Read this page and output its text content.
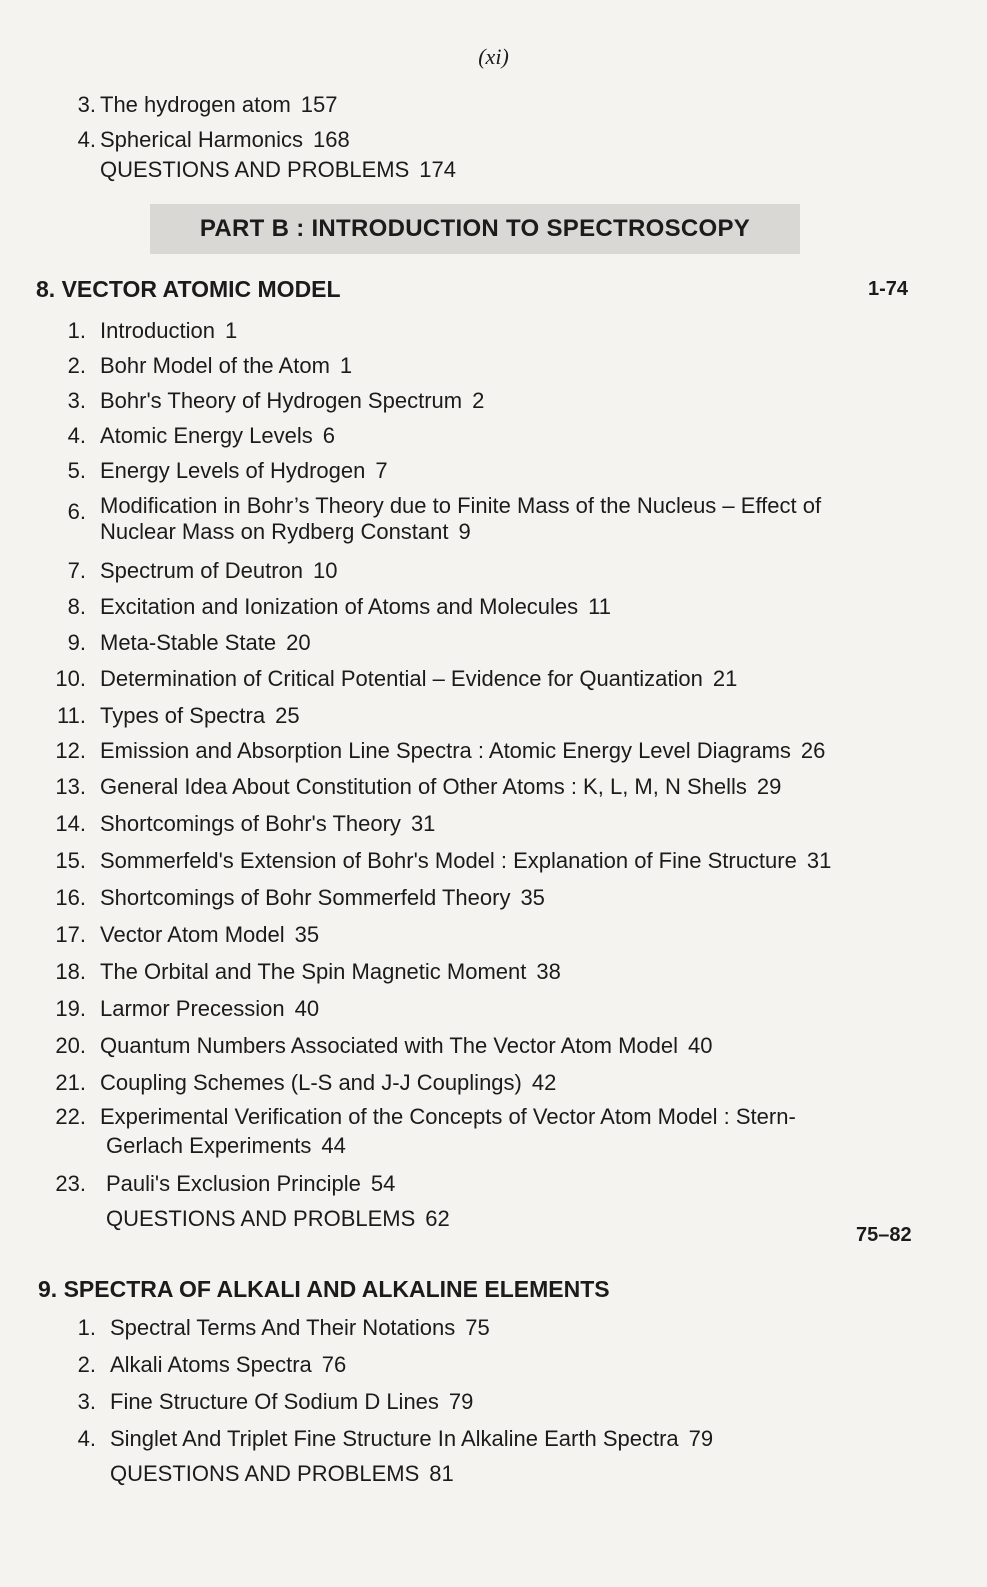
(xi)
3. The hydrogen atom 157
4. Spherical Harmonics 168
QUESTIONS AND PROBLEMS 174
PART B : INTRODUCTION TO SPECTROSCOPY
8. VECTOR ATOMIC MODEL	1-74
1. Introduction 1
2. Bohr Model of the Atom 1
3. Bohr's Theory of Hydrogen Spectrum 2
4. Atomic Energy Levels 6
5. Energy Levels of Hydrogen 7
6. Modification in Bohr’s Theory due to Finite Mass of the Nucleus – Effect of
Nuclear Mass on Rydberg Constant 9
7. Spectrum of Deutron 10
8. Excitation and Ionization of Atoms and Molecules 11
9. Meta-Stable State 20
10. Determination of Critical Potential – Evidence for Quantization 21
11. Types of Spectra 25
12. Emission and Absorption Line Spectra : Atomic Energy Level Diagrams 26
13. General Idea About Constitution of Other Atoms : K, L, M, N Shells 29
14. Shortcomings of Bohr's Theory 31
15. Sommerfeld's Extension of Bohr's Model : Explanation of Fine Structure 31
16. Shortcomings of Bohr Sommerfeld Theory 35
17. Vector Atom Model 35
18. The Orbital and The Spin Magnetic Moment 38
19. Larmor Precession 40
20. Quantum Numbers Associated with The Vector Atom Model 40
21. Coupling Schemes (L-S and J-J Couplings) 42
22. Experimental Verification of the Concepts of Vector Atom Model : Stern-
Gerlach Experiments 44
23. Pauli's Exclusion Principle 54
QUESTIONS AND PROBLEMS 62
75–82
9. SPECTRA OF ALKALI AND ALKALINE ELEMENTS
1. Spectral Terms And Their Notations 75
2. Alkali Atoms Spectra 76
3. Fine Structure Of Sodium D Lines 79
4. Singlet And Triplet Fine Structure In Alkaline Earth Spectra 79
QUESTIONS AND PROBLEMS 81
